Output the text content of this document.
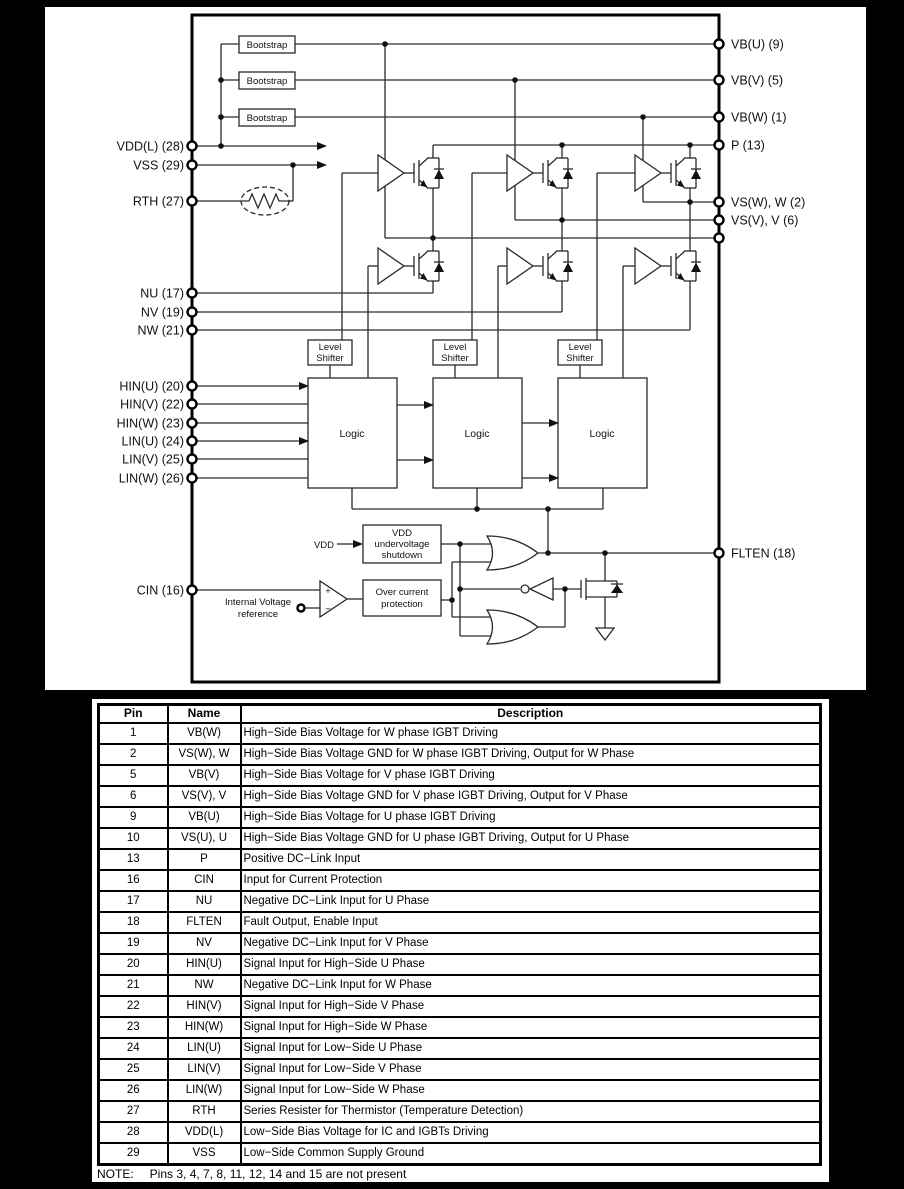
Bootstrap
Bootstrap
Bootstrap
Level
Shifter
Level
Shifter
Level
Shifter
Logic	Logic	Logic
VDD
VDD
undervoltage
shutdown
Over current
protection
+
−
Internal Voltage
reference
VDD(L) (28)
VSS (29)
RTH (27)
NU (17)
NV (19)
NW (21)
HIN(U) (20)
HIN(V) (22)
HIN(W) (23)
LIN(U) (24)
LIN(V) (25)
LIN(W) (26)
CIN (16)
VB(U) (9)
VB(V) (5)
VB(W) (1)
P (13)
VS(W), W (2)
VS(V), V (6)
FLTEN (18)
Pin	Name	Description
1	VB(W)	High−Side Bias Voltage for W phase IGBT Driving
2	VS(W), W	High−Side Bias Voltage GND for W phase IGBT Driving, Output for W Phase
5	VB(V)	High−Side Bias Voltage for V phase IGBT Driving
6	VS(V), V	High−Side Bias Voltage GND for V phase IGBT Driving, Output for V Phase
9	VB(U)	High−Side Bias Voltage for U phase IGBT Driving
10	VS(U), U	High−Side Bias Voltage GND for U phase IGBT Driving, Output for U Phase
13	P	Positive DC−Link Input
16	CIN	Input for Current Protection
17	NU	Negative DC−Link Input for U Phase
18	FLTEN	Fault Output, Enable Input
19	NV	Negative DC−Link Input for V Phase
20	HIN(U)	Signal Input for High−Side U Phase
21	NW	Negative DC−Link Input for W Phase
22	HIN(V)	Signal Input for High−Side V Phase
23	HIN(W)	Signal Input for High−Side W Phase
24	LIN(U)	Signal Input for Low−Side U Phase
25	LIN(V)	Signal Input for Low−Side V Phase
26	LIN(W)	Signal Input for Low−Side W Phase
27	RTH	Series Resister for Thermistor (Temperature Detection)
28	VDD(L)	Low−Side Bias Voltage for IC and IGBTs Driving
29	VSS	Low−Side Common Supply Ground
NOTE: Pins 3, 4, 7, 8, 11, 12, 14 and 15 are not present
